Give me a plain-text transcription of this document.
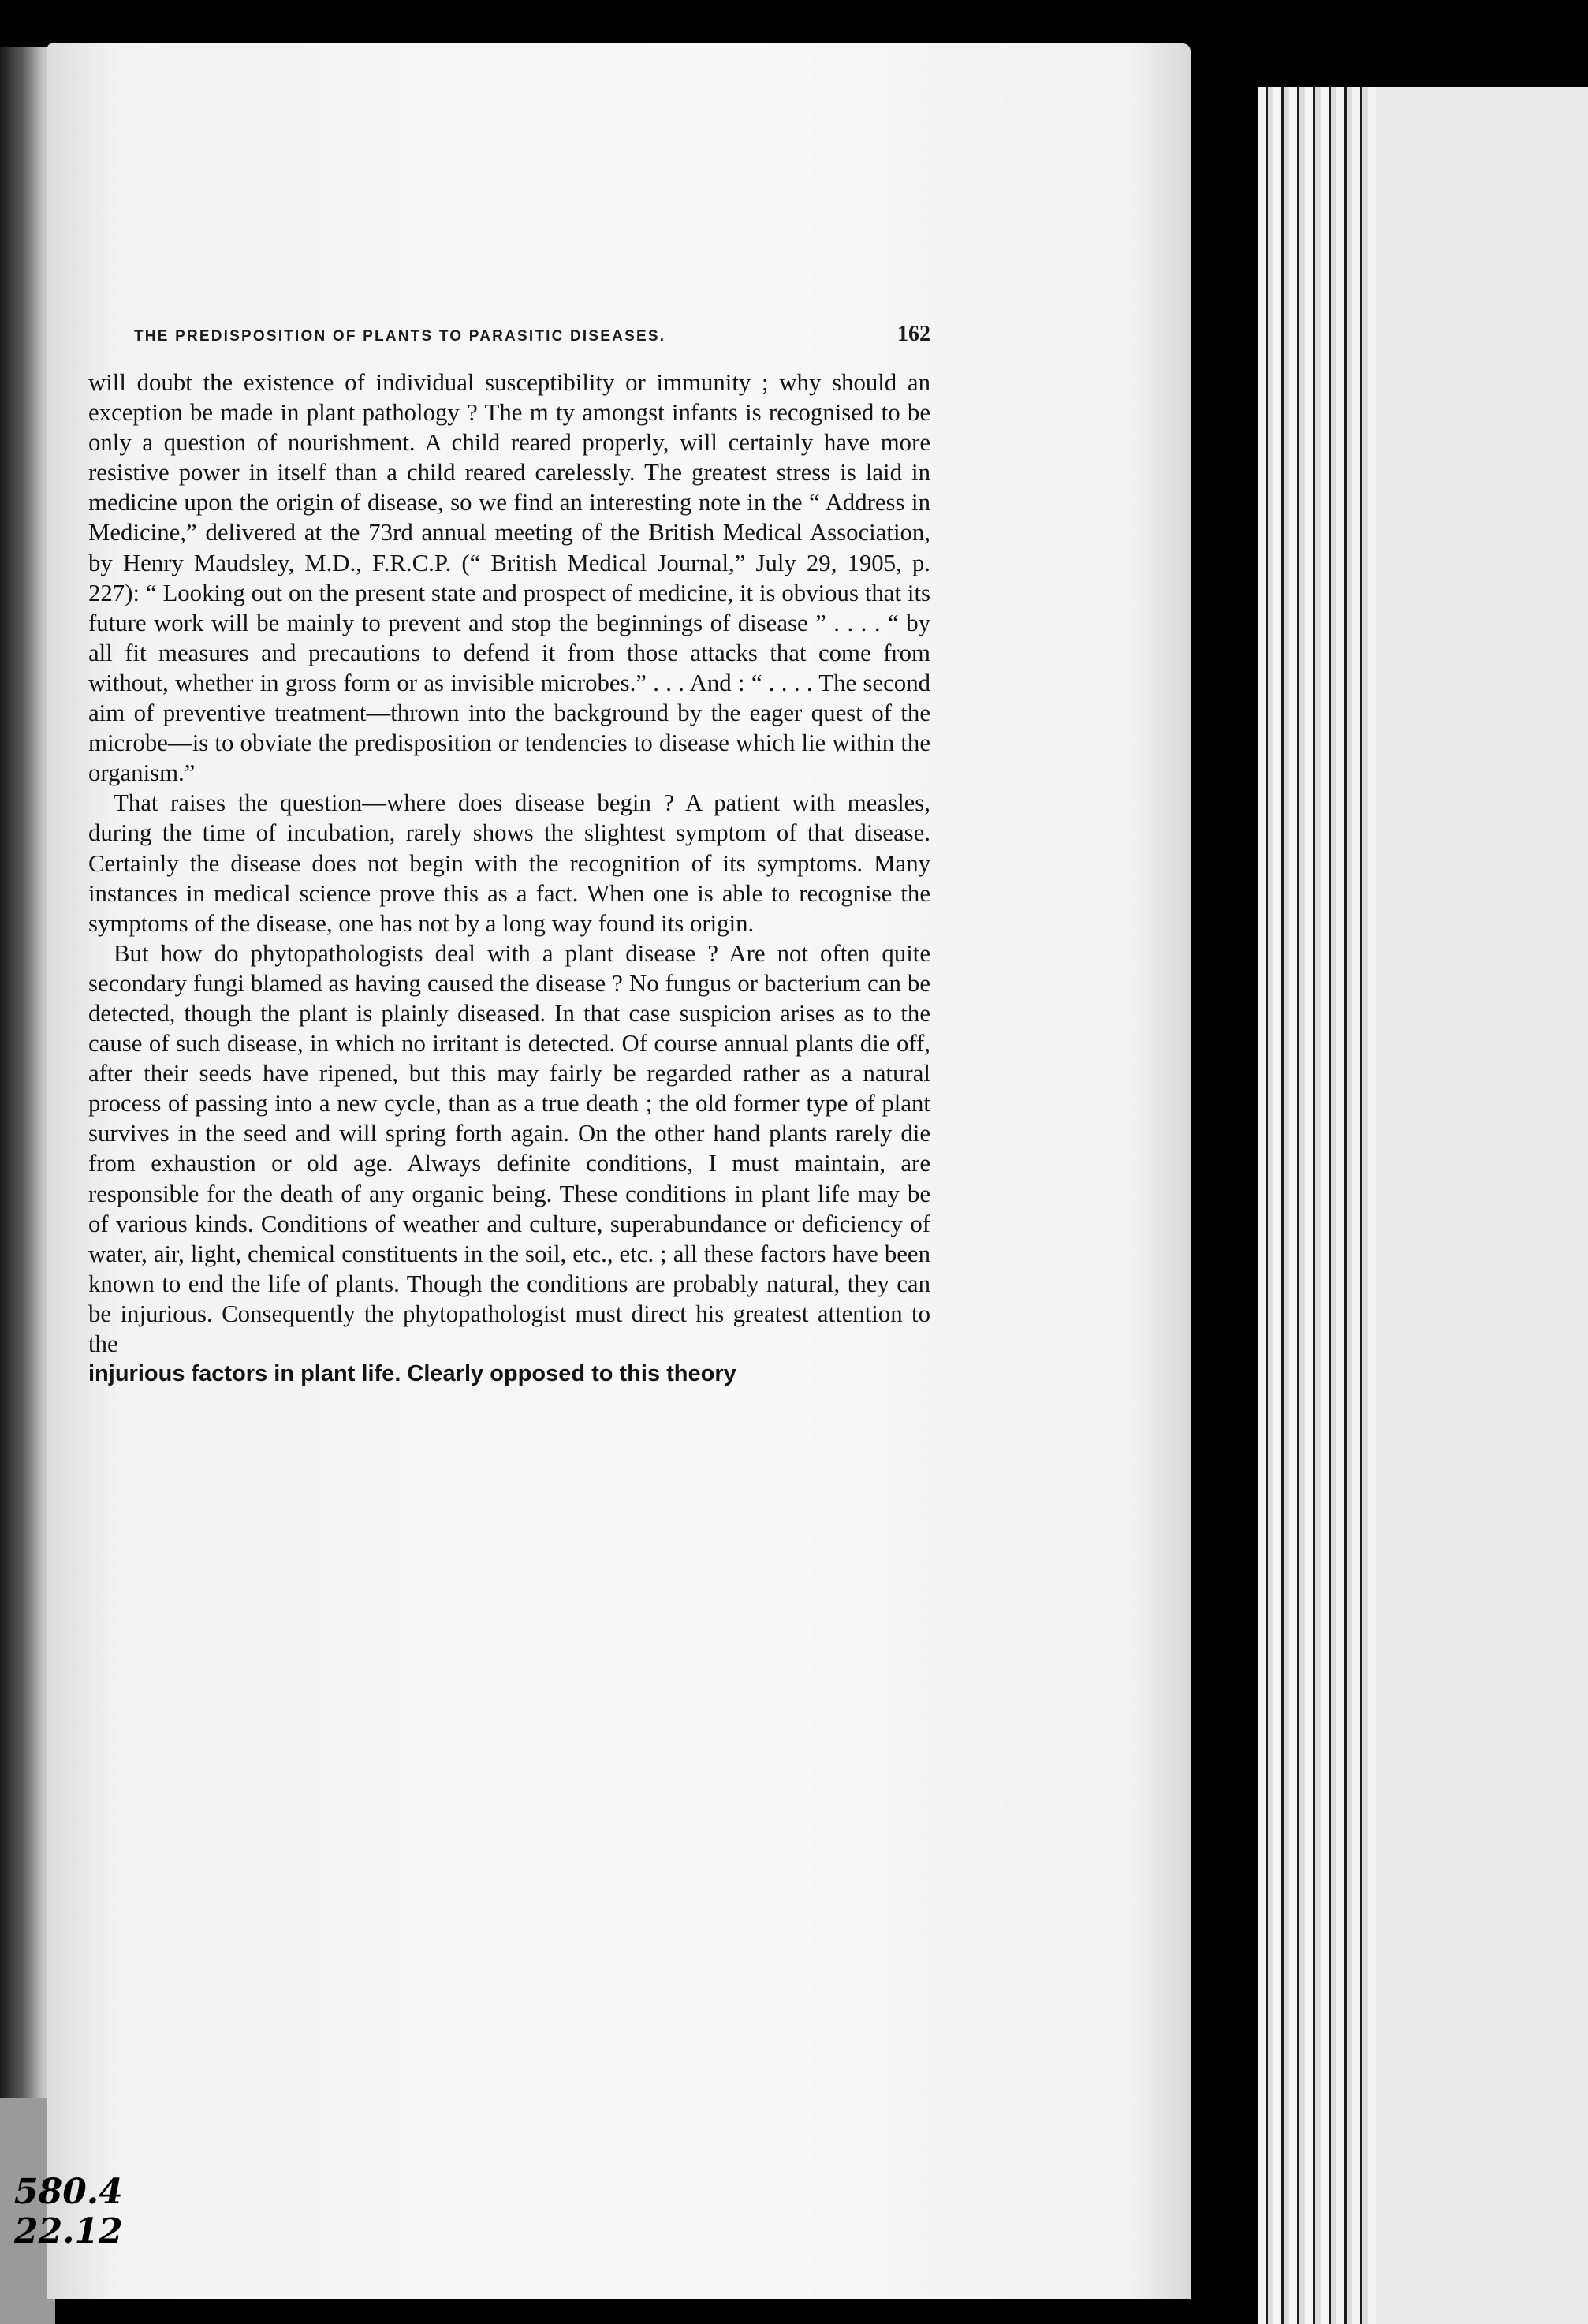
THE PREDISPOSITION OF PLANTS TO PARASITIC DISEASES.	162

will doubt the existence of individual susceptibility or immunity ; why should an exception be made in plant pathology ? The m ty amongst infants is recognised to be only a question of nourishment. A child reared properly, will certainly have more resistive power in itself than a child reared carelessly. The greatest stress is laid in medicine upon the origin of disease, so we find an interesting note in the “ Address in Medicine,” delivered at the 73rd annual meeting of the British Medical Association, by Henry Maudsley, M.D., F.R.C.P. (“ British Medical Journal,” July 29, 1905, p. 227): “ Looking out on the present state and prospect of medicine, it is obvious that its future work will be mainly to prevent and stop the beginnings of disease ” . . . . “ by all fit measures and precautions to defend it from those attacks that come from without, whether in gross form or as invisible microbes.” . . . And : “ . . . . The second aim of preventive treatment—thrown into the background by the eager quest of the microbe—is to obviate the predisposition or tendencies to disease which lie within the organism.”

That raises the question—where does disease begin ? A patient with measles, during the time of incubation, rarely shows the slightest symptom of that disease. Certainly the disease does not begin with the recognition of its symptoms. Many instances in medical science prove this as a fact. When one is able to recognise the symptoms of the disease, one has not by a long way found its origin.

But how do phytopathologists deal with a plant disease ? Are not often quite secondary fungi blamed as having caused the disease ? No fungus or bacterium can be detected, though the plant is plainly diseased. In that case suspicion arises as to the cause of such disease, in which no irritant is detected. Of course annual plants die off, after their seeds have ripened, but this may fairly be regarded rather as a natural process of passing into a new cycle, than as a true death ; the old former type of plant survives in the seed and will spring forth again. On the other hand plants rarely die from exhaustion or old age. Always definite conditions, I must maintain, are responsible for the death of any organic being. These conditions in plant life may be of various kinds. Conditions of weather and culture, superabundance or deficiency of water, air, light, chemical constituents in the soil, etc., etc. ; all these factors have been known to end the life of plants. Though the conditions are probably natural, they can be injurious. Consequently the phytopathologist must direct his greatest attention to the

injurious factors in plant life. Clearly opposed to this theory

580.4
22.12
